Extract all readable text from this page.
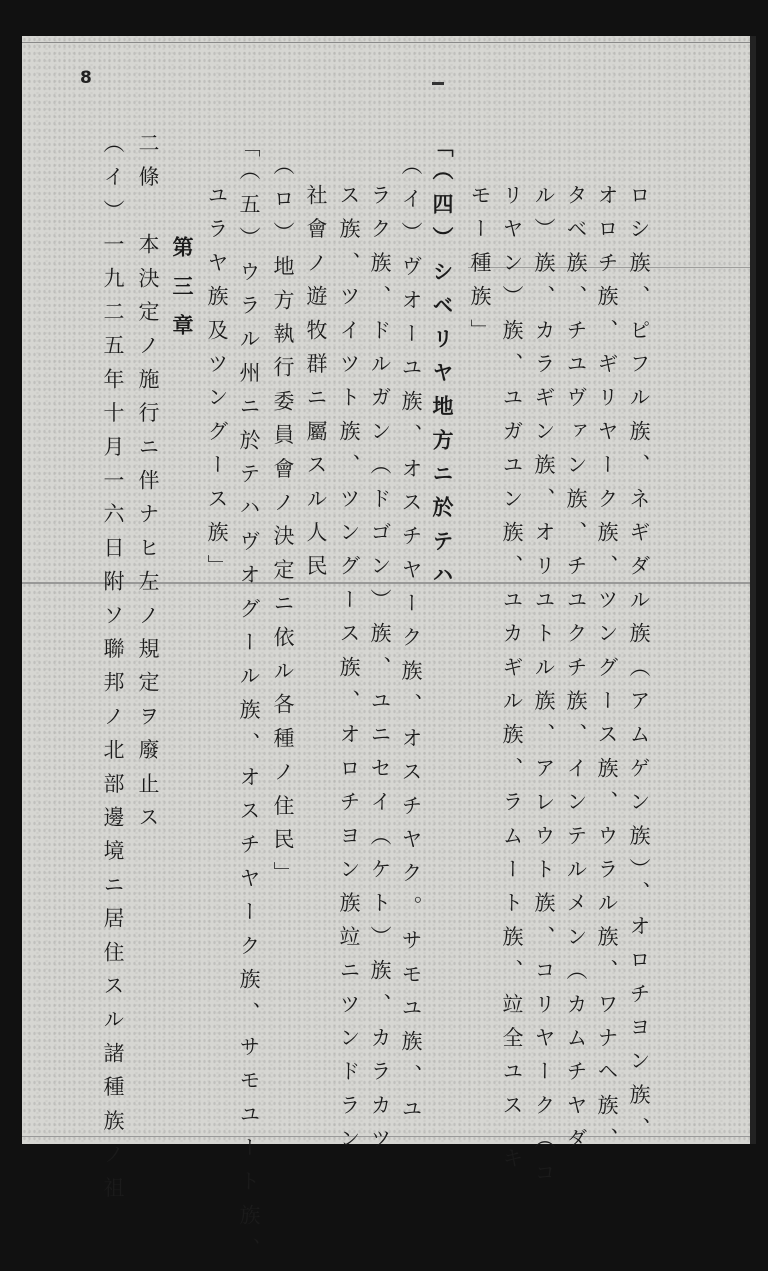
8
ロシ族、ピフル族、ネギダル族（アムゲン族）、オロチヨン族、
オロチ族、ギリヤーク族、ツングース族、ウラル族、ワナヘ族、
タベ族、チユヴァン族、チユクチ族、インテルメン（カムチヤダ
ル）族、カラギン族、オリユトル族、アレウト族、コリヤーク（コ
リヤン）族、ユガユン族、ユカギル族、ラムート族、竝全ユス キ
モー種族」
「（四）シベリヤ地方ニ於テハ
（イ）ヴオーユ族、オスチヤーク族、オスチヤク。サモユ族、ユ
ラク族、ドルガン（ドゴン）族、ユニセイ（ケト）族、カラカツ
ス族、ツイツト族、ツングース族、オロチヨン族竝ニツンドラン
社會ノ遊牧群ニ屬スル人民
（ロ）地方執行委員會ノ決定ニ依ル各種ノ住民」
「（五）ウラル州ニ於テハヴオグール族、オスチヤーク族、サモユート族、
ユラヤ族及ツングース族」
第三章
二條　本決定ノ施行ニ伴ナヒ左ノ規定ヲ廢止ス
（イ）一九二五年十月一六日附ソ聯邦ノ北部邊境ニ居住スル諸種族ノ祖
